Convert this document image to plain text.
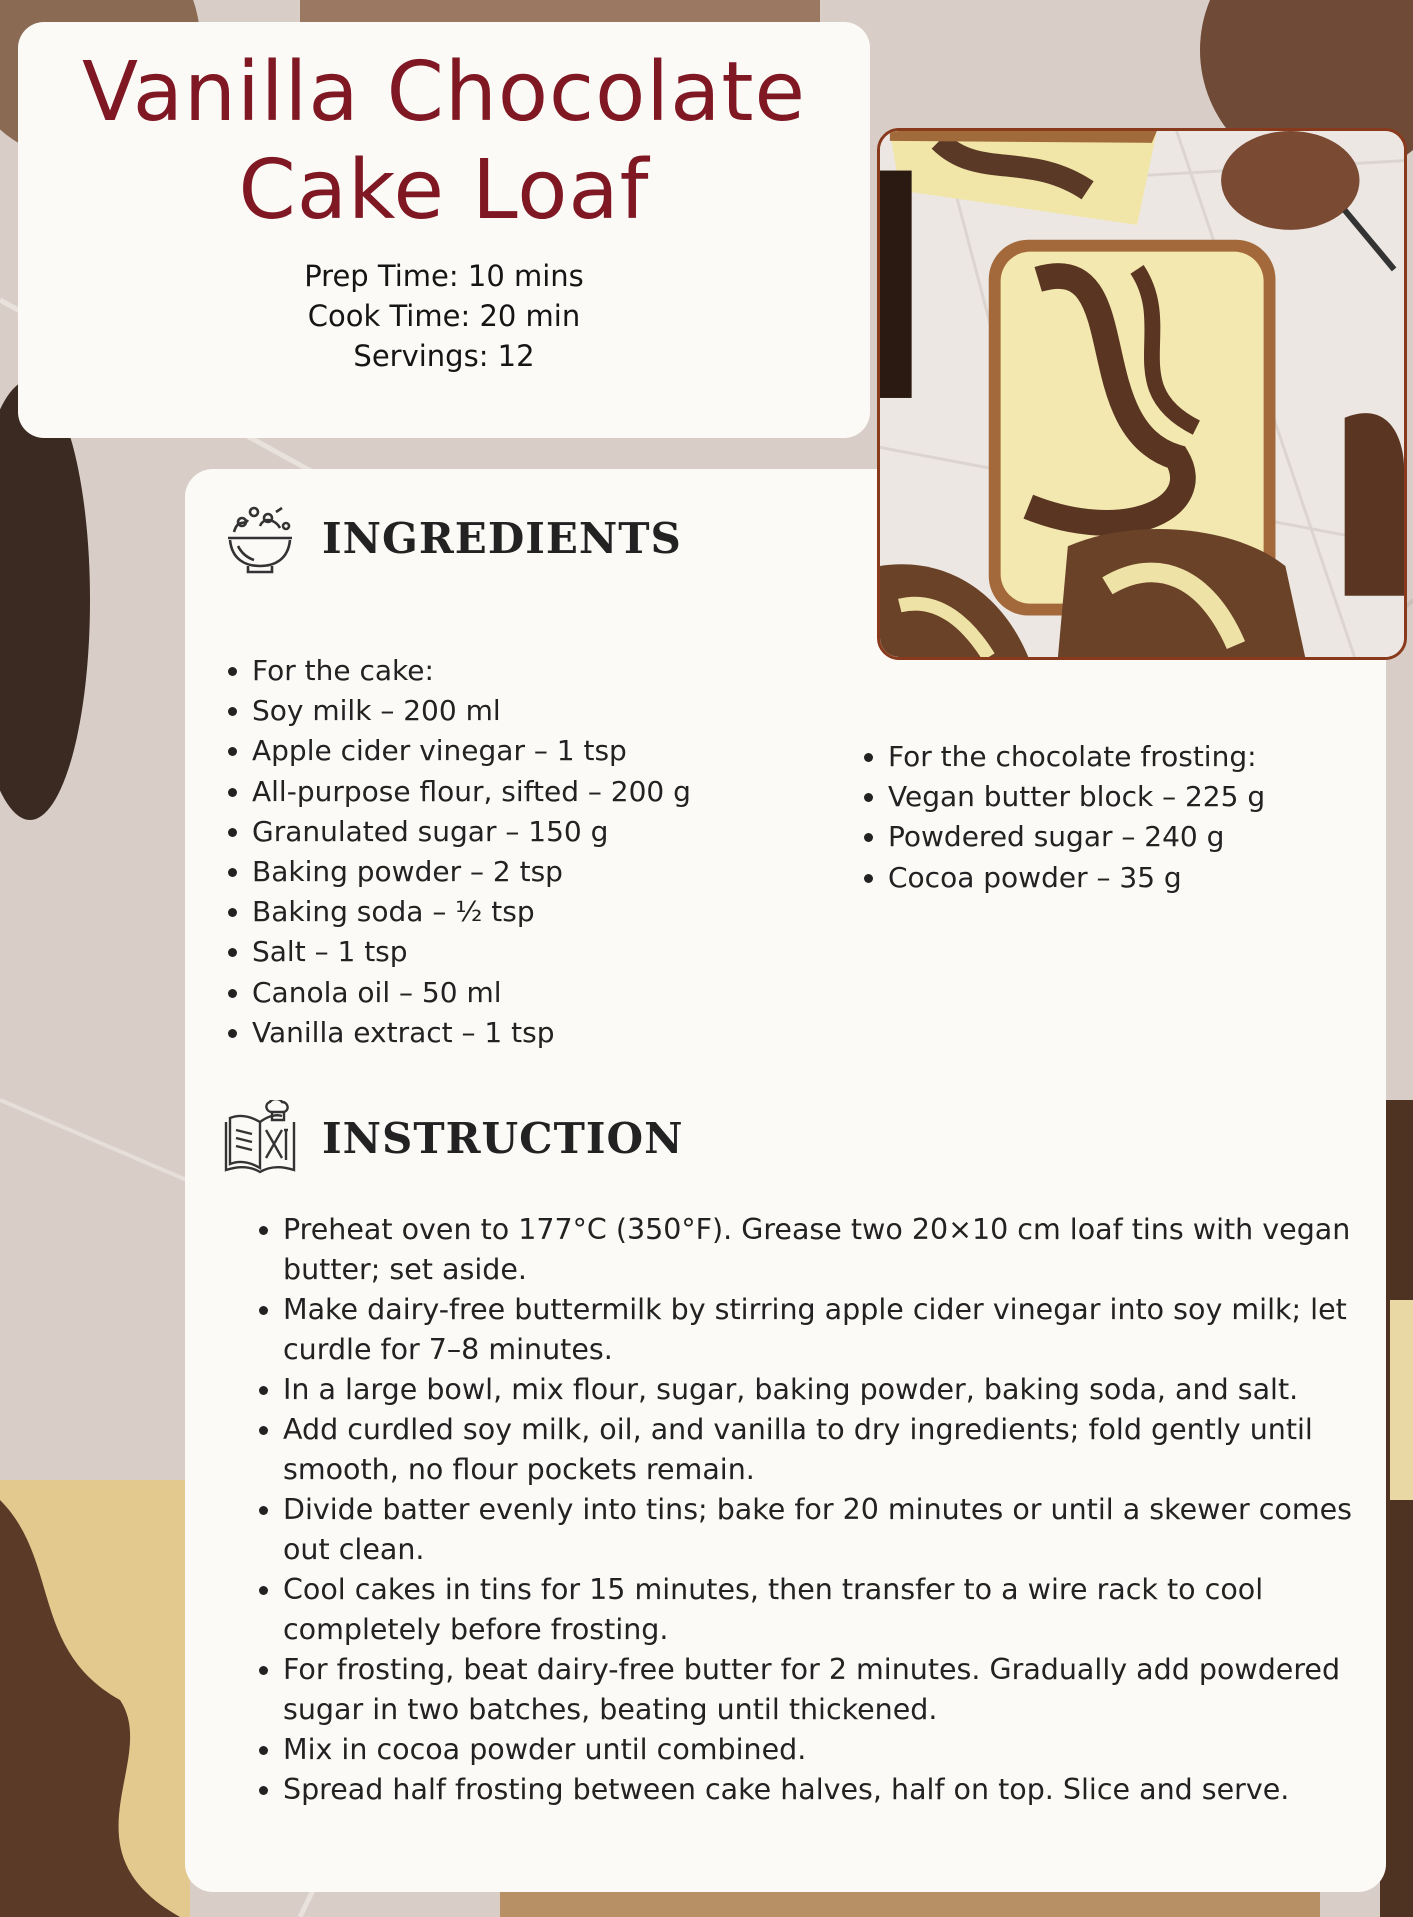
Vanilla Chocolate
Cake Loaf
Prep Time: 10 mins
Cook Time: 20 min
Servings: 12
INGREDIENTS
• For the cake:
• Soy milk – 200 ml
• Apple cider vinegar – 1 tsp
• All-purpose flour, sifted – 200 g
• Granulated sugar – 150 g
• Baking powder – 2 tsp
• Baking soda – ½ tsp
• Salt – 1 tsp
• Canola oil – 50 ml
• Vanilla extract – 1 tsp
• For the chocolate frosting:
• Vegan butter block – 225 g
• Powdered sugar – 240 g
• Cocoa powder – 35 g
INSTRUCTION
• Preheat oven to 177°C (350°F). Grease two 20×10 cm loaf tins with vegan butter; set aside.
• Make dairy-free buttermilk by stirring apple cider vinegar into soy milk; let curdle for 7–8 minutes.
• In a large bowl, mix flour, sugar, baking powder, baking soda, and salt.
• Add curdled soy milk, oil, and vanilla to dry ingredients; fold gently until smooth, no flour pockets remain.
• Divide batter evenly into tins; bake for 20 minutes or until a skewer comes out clean.
• Cool cakes in tins for 15 minutes, then transfer to a wire rack to cool completely before frosting.
• For frosting, beat dairy-free butter for 2 minutes. Gradually add powdered sugar in two batches, beating until thickened.
• Mix in cocoa powder until combined.
• Spread half frosting between cake halves, half on top. Slice and serve.
